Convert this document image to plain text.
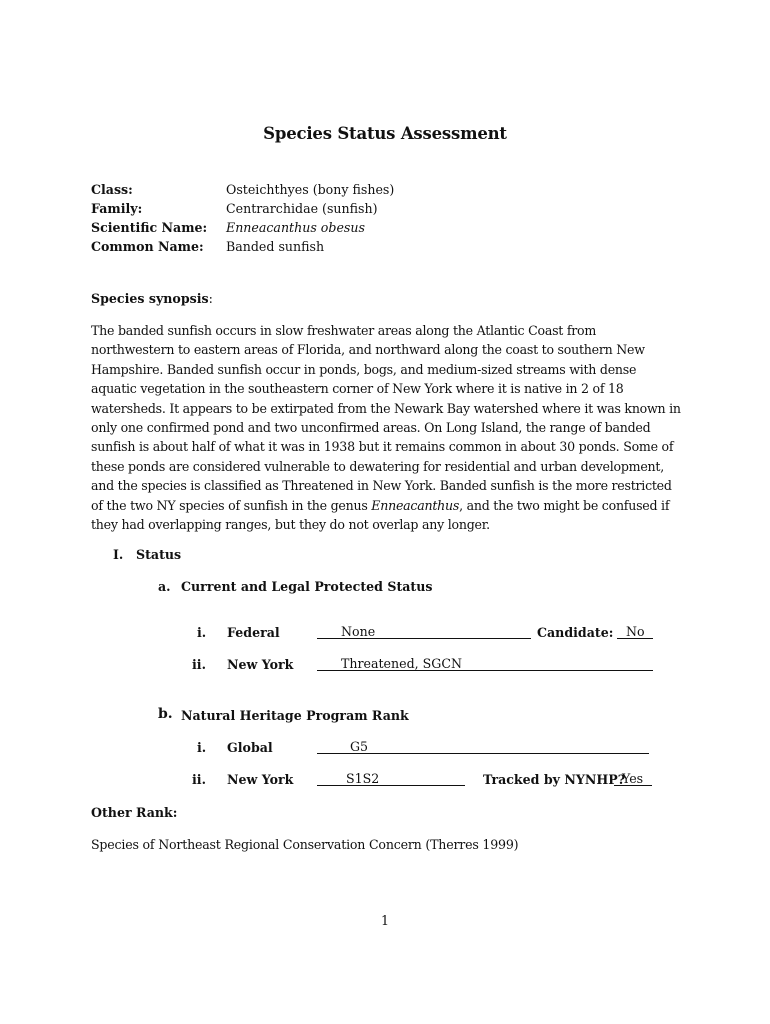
Species Status Assessment
Class:	Osteichthyes (bony fishes)
Family:	Centrarchidae (sunfish)
Scientific Name: Enneacanthus obesus
Common Name: Banded sunfish
Species synopsis:
The banded sunfish occurs in slow freshwater areas along the Atlantic Coast from northwestern to eastern areas of Florida, and northward along the coast to southern New Hampshire. Banded sunfish occur in ponds, bogs, and medium-sized streams with dense aquatic vegetation in the southeastern corner of New York where it is native in 2 of 18 watersheds. It appears to be extirpated from the Newark Bay watershed where it was known in only one confirmed pond and two unconfirmed areas. On Long Island, the range of banded sunfish is about half of what it was in 1938 but it remains common in about 30 ponds. Some of these ponds are considered vulnerable to dewatering for residential and urban development, and the species is classified as Threatened in New York. Banded sunfish is the more restricted of the two NY species of sunfish in the genus Enneacanthus, and the two might be confused if they had overlapping ranges, but they do not overlap any longer.
I. Status
a. Current and Legal Protected Status
i. Federal	None	Candidate: No
ii. New York	Threatened, SGCN
b. Natural Heritage Program Rank
i. Global	G5
ii. New York	S1S2	Tracked by NYNHP?
Yes
Other Rank:
Species of Northeast Regional Conservation Concern (Therres 1999)
1
